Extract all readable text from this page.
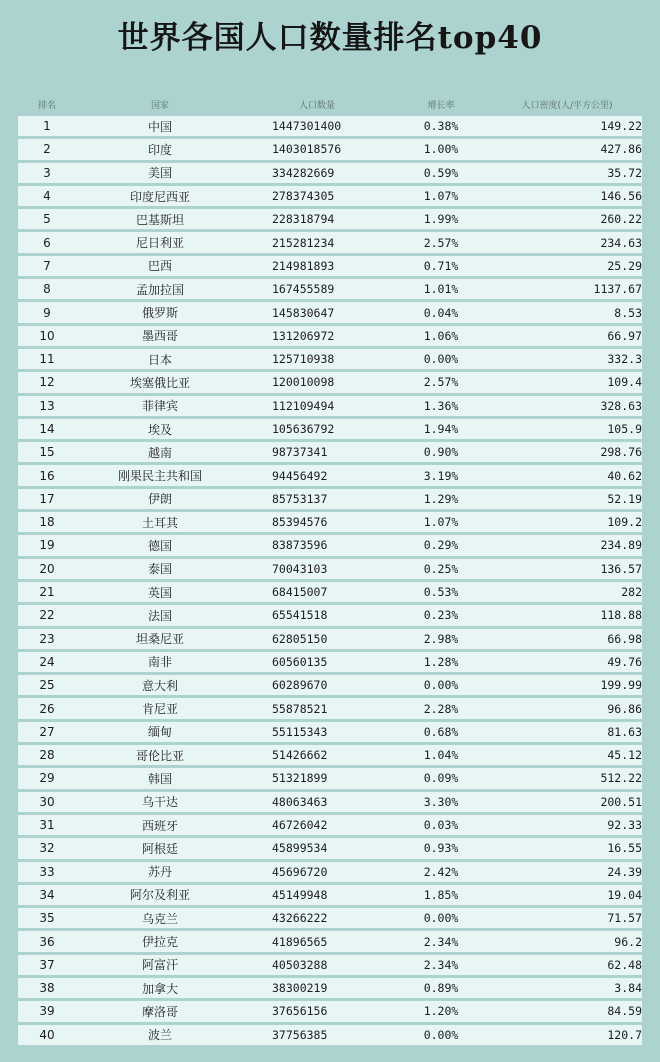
世界各国人口数量排名top40
排名	国家	人口数量	增长率	人口密度(人/平方公里)
1	中国	1447301400	0.38%	149.22
2	印度	1403018576	1.00%	427.86
3	美国	334282669	0.59%	35.72
4	印度尼西亚	278374305	1.07%	146.56
5	巴基斯坦	228318794	1.99%	260.22
6	尼日利亚	215281234	2.57%	234.63
7	巴西	214981893	0.71%	25.29
8	孟加拉国	167455589	1.01%	1137.67
9	俄罗斯	145830647	0.04%	8.53
10	墨西哥	131206972	1.06%	66.97
11	日本	125710938	0.00%	332.3
12	埃塞俄比亚	120010098	2.57%	109.4
13	菲律宾	112109494	1.36%	328.63
14	埃及	105636792	1.94%	105.9
15	越南	98737341	0.90%	298.76
16	刚果民主共和国	94456492	3.19%	40.62
17	伊朗	85753137	1.29%	52.19
18	土耳其	85394576	1.07%	109.2
19	德国	83873596	0.29%	234.89
20	泰国	70043103	0.25%	136.57
21	英国	68415007	0.53%	282
22	法国	65541518	0.23%	118.88
23	坦桑尼亚	62805150	2.98%	66.98
24	南非	60560135	1.28%	49.76
25	意大利	60289670	0.00%	199.99
26	肯尼亚	55878521	2.28%	96.86
27	缅甸	55115343	0.68%	81.63
28	哥伦比亚	51426662	1.04%	45.12
29	韩国	51321899	0.09%	512.22
30	乌干达	48063463	3.30%	200.51
31	西班牙	46726042	0.03%	92.33
32	阿根廷	45899534	0.93%	16.55
33	苏丹	45696720	2.42%	24.39
34	阿尔及利亚	45149948	1.85%	19.04
35	乌克兰	43266222	0.00%	71.57
36	伊拉克	41896565	2.34%	96.2
37	阿富汗	40503288	2.34%	62.48
38	加拿大	38300219	0.89%	3.84
39	摩洛哥	37656156	1.20%	84.59
40	波兰	37756385	0.00%	120.7
